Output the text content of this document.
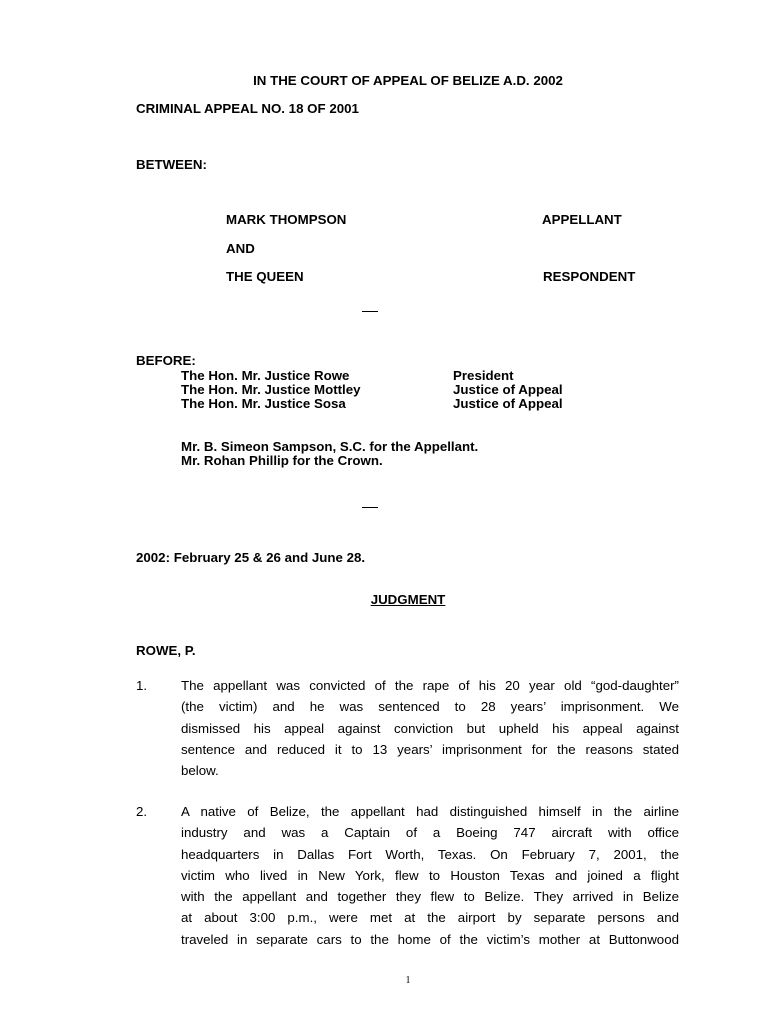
IN THE COURT OF APPEAL OF BELIZE A.D. 2002
CRIMINAL APPEAL NO. 18 OF 2001
BETWEEN:
MARK THOMPSON	APPELLANT
AND
THE QUEEN	RESPONDENT
BEFORE:
The Hon. Mr. Justice Rowe	President
The Hon. Mr. Justice Mottley	Justice of Appeal
The Hon. Mr. Justice Sosa	Justice of Appeal
Mr. B. Simeon Sampson, S.C. for the Appellant.
Mr. Rohan Phillip for the Crown.
2002: February 25 & 26 and June 28.
JUDGMENT
ROWE, P.
1.	The appellant was convicted of the rape of his 20 year old “god-daughter”

(the victim) and he was sentenced to 28 years’ imprisonment. We

dismissed his appeal against conviction but upheld his appeal against

sentence and reduced it to 13 years’ imprisonment for the reasons stated

below.

2.	A native of Belize, the appellant had distinguished himself in the airline

industry and was a Captain of a Boeing 747 aircraft with office

headquarters in Dallas Fort Worth, Texas. On February 7, 2001, the

victim who lived in New York, flew to Houston Texas and joined a flight

with the appellant and together they flew to Belize. They arrived in Belize

at about 3:00 p.m., were met at the airport by separate persons and

traveled in separate cars to the home of the victim’s mother at Buttonwood

1
